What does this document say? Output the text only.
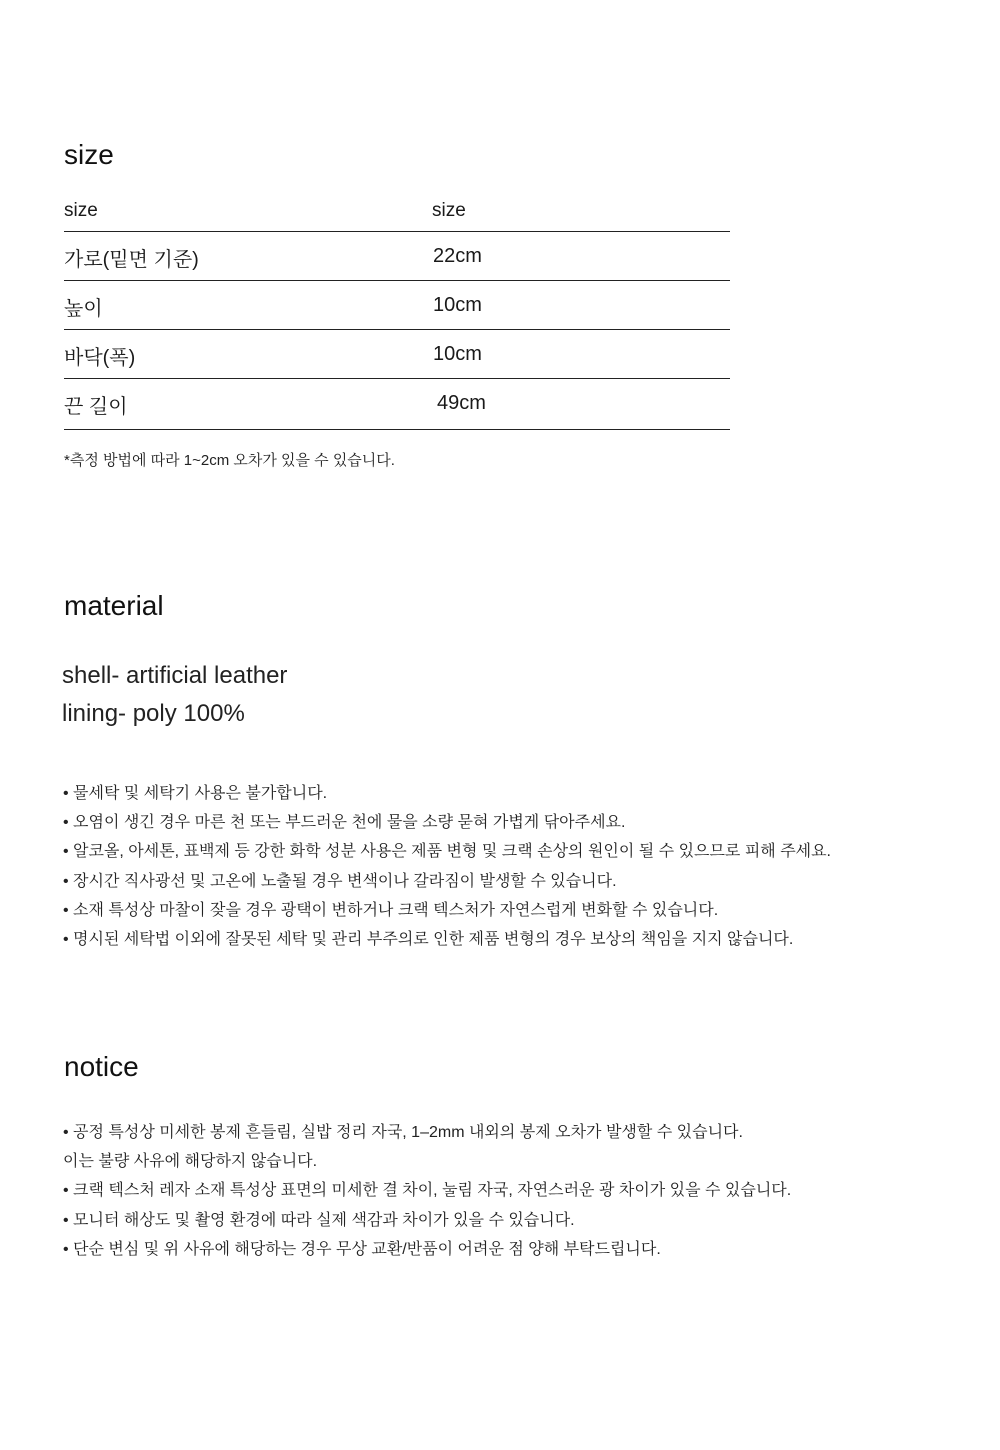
size
size	size
가로(밑면 기준)	22cm
높이	10cm
바닥(폭)	10cm
끈 길이	49cm
*측정 방법에 따라 1~2cm 오차가 있을 수 있습니다.
material
shell- artificial leather
lining- poly 100%
• 물세탁 및 세탁기 사용은 불가합니다.
• 오염이 생긴 경우 마른 천 또는 부드러운 천에 물을 소량 묻혀 가볍게 닦아주세요.
• 알코올, 아세톤, 표백제 등 강한 화학 성분 사용은 제품 변형 및 크랙 손상의 원인이 될 수 있으므로 피해 주세요.
• 장시간 직사광선 및 고온에 노출될 경우 변색이나 갈라짐이 발생할 수 있습니다.
• 소재 특성상 마찰이 잦을 경우 광택이 변하거나 크랙 텍스처가 자연스럽게 변화할 수 있습니다.
• 명시된 세탁법 이외에 잘못된 세탁 및 관리 부주의로 인한 제품 변형의 경우 보상의 책임을 지지 않습니다.
notice
• 공정 특성상 미세한 봉제 흔들림, 실밥 정리 자국, 1–2mm 내외의 봉제 오차가 발생할 수 있습니다.
이는 불량 사유에 해당하지 않습니다.
• 크랙 텍스처 레자 소재 특성상 표면의 미세한 결 차이, 눌림 자국, 자연스러운 광 차이가 있을 수 있습니다.
• 모니터 해상도 및 촬영 환경에 따라 실제 색감과 차이가 있을 수 있습니다.
• 단순 변심 및 위 사유에 해당하는 경우 무상 교환/반품이 어려운 점 양해 부탁드립니다.
